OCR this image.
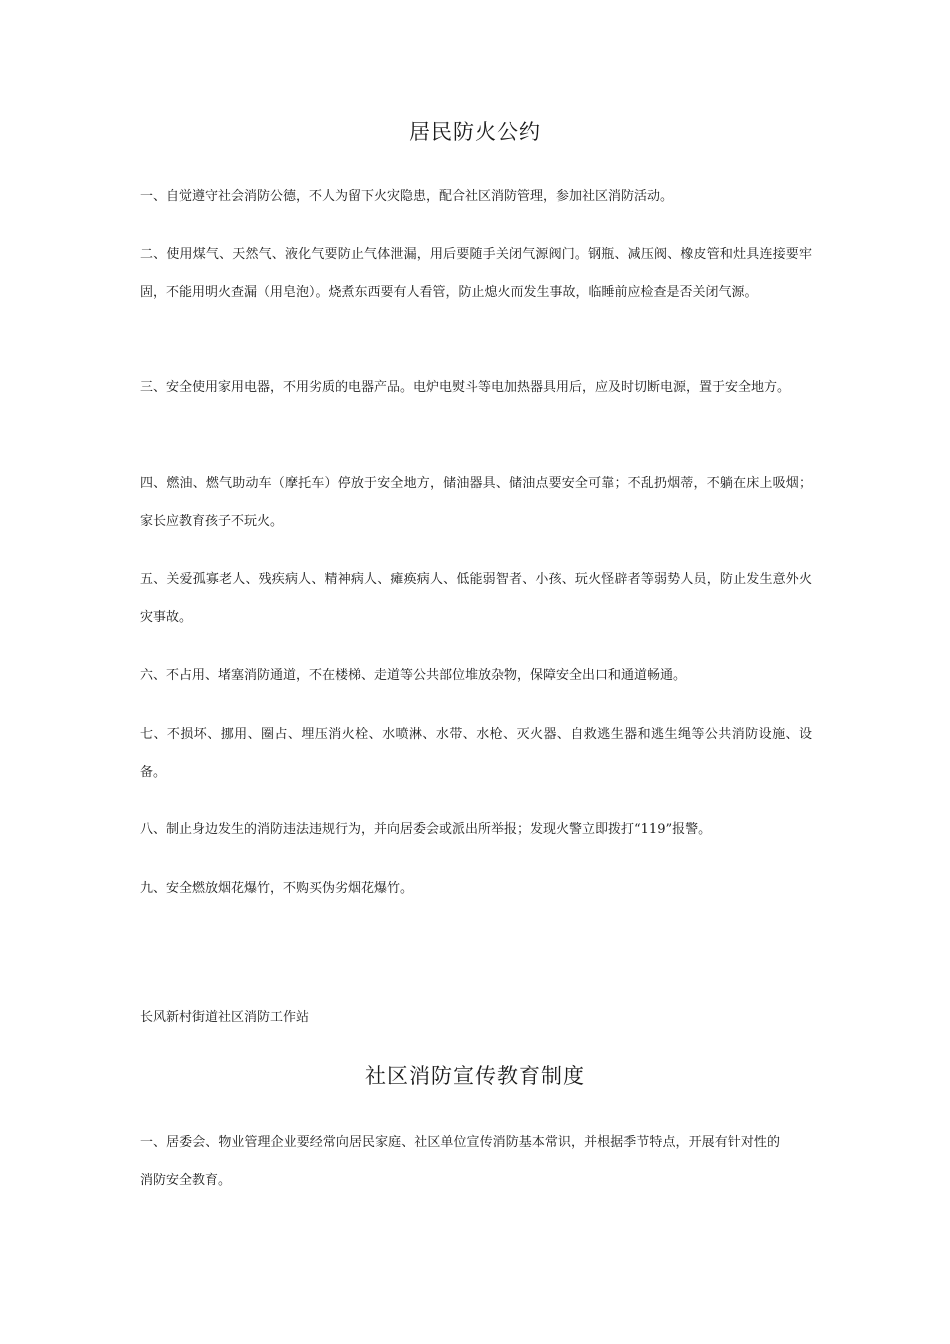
居民防火公约

一、自觉遵守社会消防公德，不人为留下火灾隐患，配合社区消防管理，参加社区消防活动。

二、使用煤气、天然气、液化气要防止气体泄漏，用后要随手关闭气源阀门。钢瓶、减压阀、橡皮管和灶具连接要牢固，不能用明火查漏（用皂泡）。烧煮东西要有人看管，防止熄火而发生事故，临睡前应检查是否关闭气源。

三、安全使用家用电器，不用劣质的电器产品。电炉电熨斗等电加热器具用后，应及时切断电源，置于安全地方。

四、燃油、燃气助动车（摩托车）停放于安全地方，储油器具、储油点要安全可靠；不乱扔烟蒂，不躺在床上吸烟；家长应教育孩子不玩火。

五、关爱孤寡老人、残疾病人、精神病人、瘫痪病人、低能弱智者、小孩、玩火怪辟者等弱势人员，防止发生意外火灾事故。

六、不占用、堵塞消防通道，不在楼梯、走道等公共部位堆放杂物，保障安全出口和通道畅通。

七、不损坏、挪用、圈占、埋压消火栓、水喷淋、水带、水枪、灭火器、自救逃生器和逃生绳等公共消防设施、设备。

八、制止身边发生的消防违法违规行为，并向居委会或派出所举报；发现火警立即拨打“119”报警。

九、安全燃放烟花爆竹，不购买伪劣烟花爆竹。

长风新村街道社区消防工作站

社区消防宣传教育制度

一、居委会、物业管理企业要经常向居民家庭、社区单位宣传消防基本常识，并根据季节特点，开展有针对性的消防安全教育。
